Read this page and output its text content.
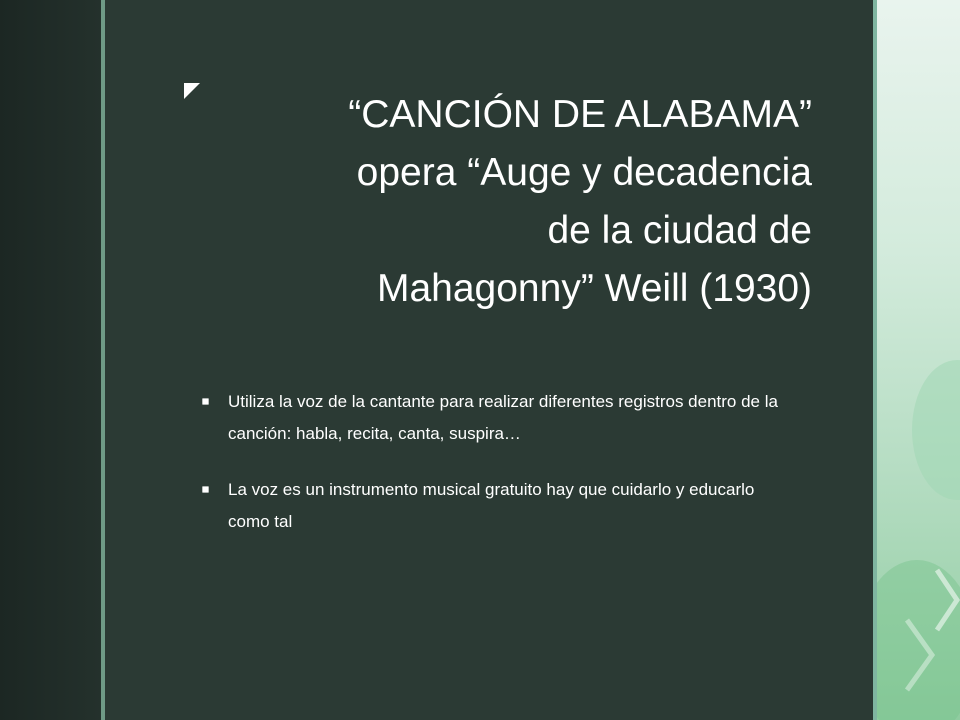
“CANCIÓN DE ALABAMA”
opera “Auge y decadencia
de la ciudad de
Mahagonny” Weill (1930)
Utiliza la voz de la cantante para realizar diferentes registros dentro de la canción: habla, recita, canta, suspira…
La voz es un instrumento musical gratuito hay que cuidarlo y educarlo como tal
